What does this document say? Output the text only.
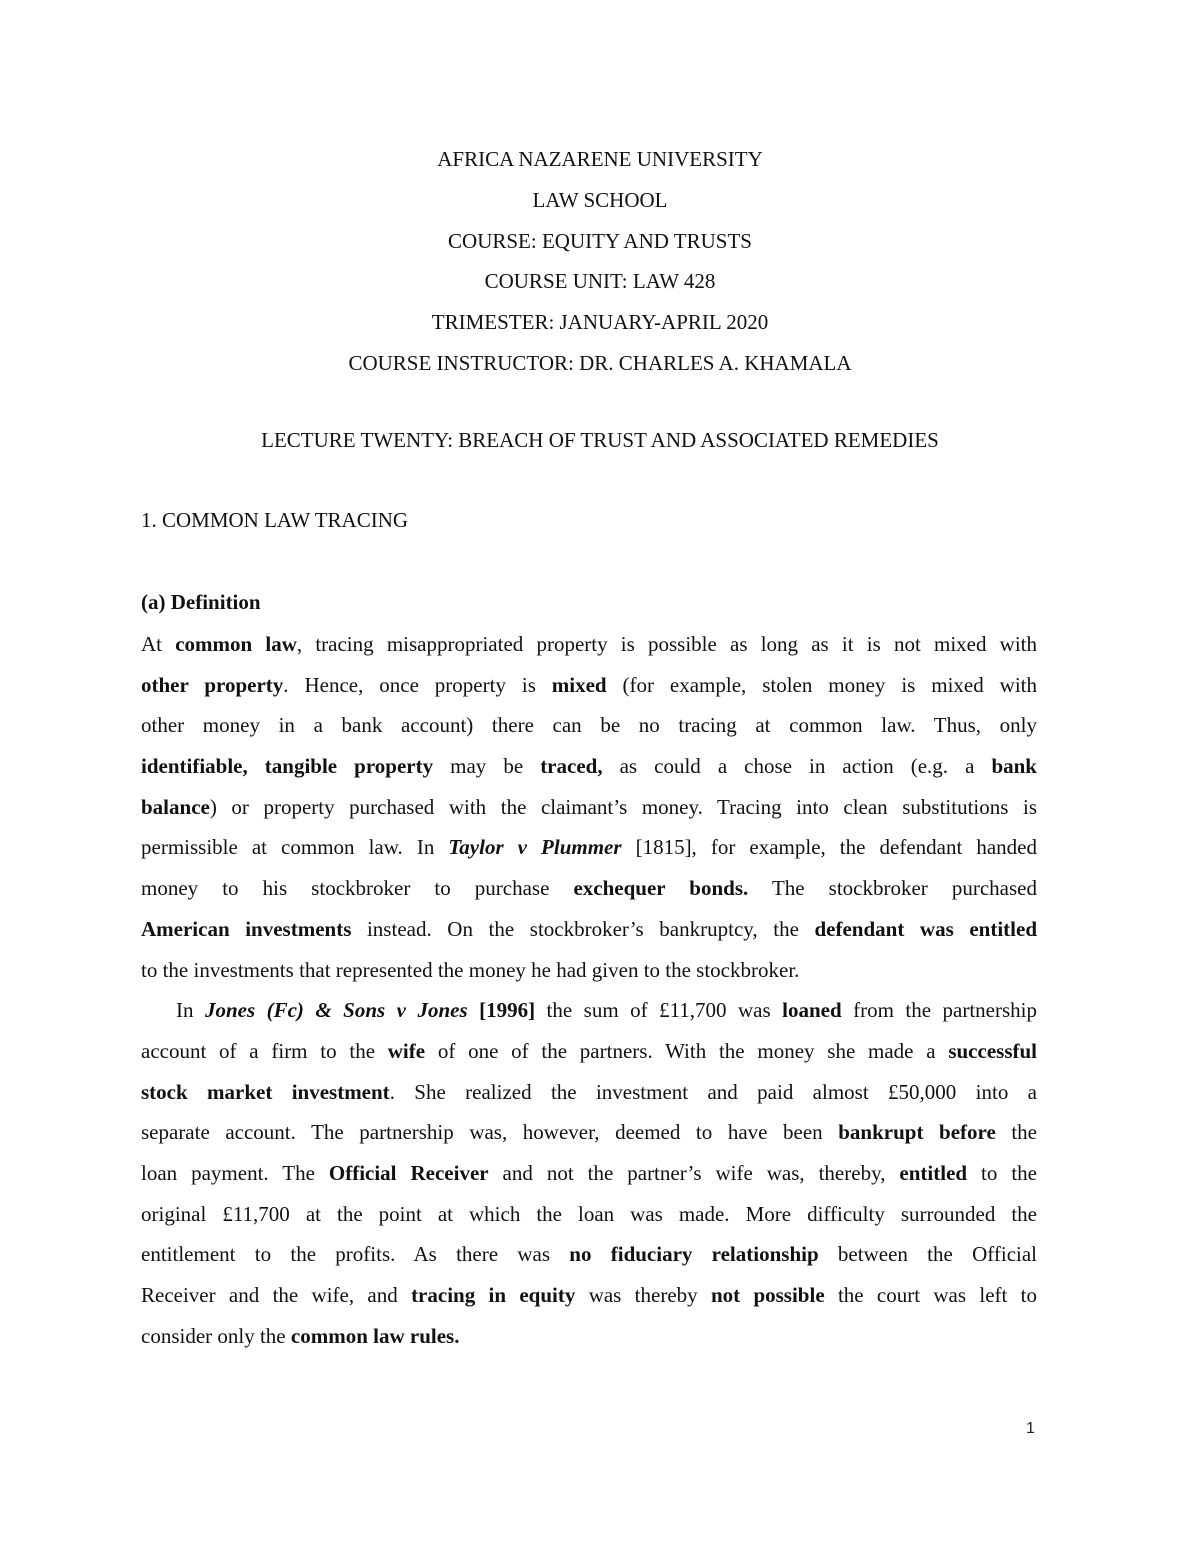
AFRICA NAZARENE UNIVERSITY
LAW SCHOOL
COURSE: EQUITY AND TRUSTS
COURSE UNIT: LAW 428
TRIMESTER: JANUARY-APRIL 2020
COURSE INSTRUCTOR: DR. CHARLES A. KHAMALA
LECTURE TWENTY: BREACH OF TRUST AND ASSOCIATED REMEDIES
1. COMMON LAW TRACING
(a) Definition
At common law, tracing misappropriated property is possible as long as it is not mixed with
other property. Hence, once property is mixed (for example, stolen money is mixed with
other money in a bank account) there can be no tracing at common law. Thus, only
identifiable, tangible property may be traced, as could a chose in action (e.g. a bank
balance) or property purchased with the claimant’s money. Tracing into clean substitutions is
permissible at common law. In Taylor v Plummer [1815], for example, the defendant handed
money to his stockbroker to purchase exchequer bonds. The stockbroker purchased
American investments instead. On the stockbroker’s bankruptcy, the defendant was entitled
to the investments that represented the money he had given to the stockbroker.
In Jones (Fc) & Sons v Jones [1996] the sum of £11,700 was loaned from the partnership
account of a firm to the wife of one of the partners. With the money she made a successful
stock market investment. She realized the investment and paid almost £50,000 into a
separate account. The partnership was, however, deemed to have been bankrupt before the
loan payment. The Official Receiver and not the partner’s wife was, thereby, entitled to the
original £11,700 at the point at which the loan was made. More difficulty surrounded the
entitlement to the profits. As there was no fiduciary relationship between the Official
Receiver and the wife, and tracing in equity was thereby not possible the court was left to
consider only the common law rules.
1
